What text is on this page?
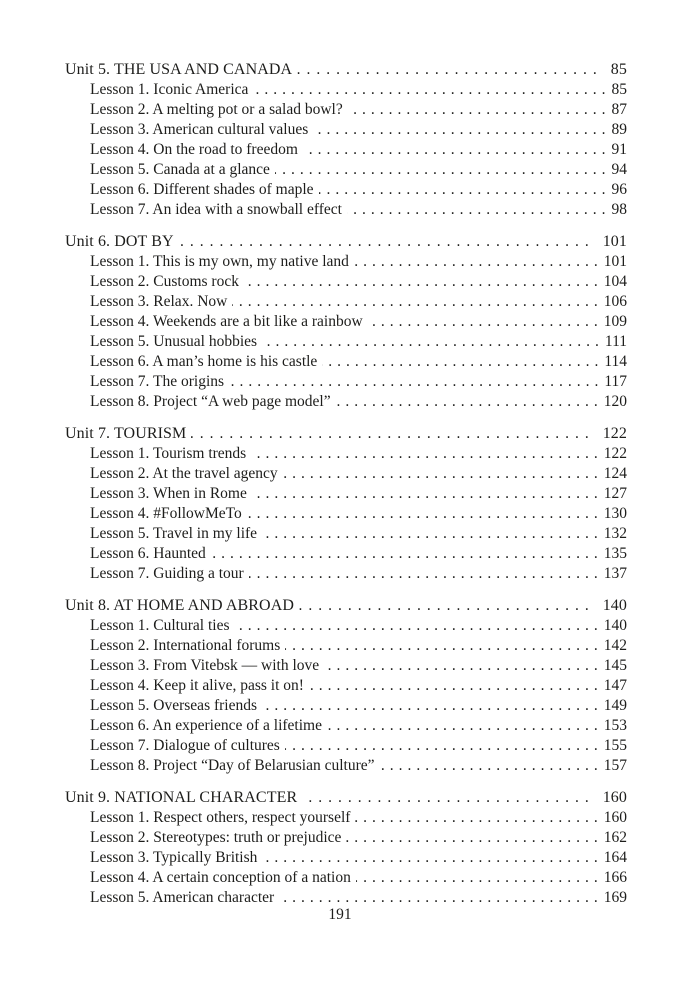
Unit 5. THE USA AND CANADA .....	85
Lesson 1. Iconic America .....	85
Lesson 2. A melting pot or a salad bowl? .....	87
Lesson 3. American cultural values .....	89
Lesson 4. On the road to freedom .....	91
Lesson 5. Canada at a glance .....	94
Lesson 6. Different shades of maple .....	96
Lesson 7. An idea with a snowball effect .....	98
Unit 6. DOT BY .....	101
Lesson 1. This is my own, my native land .....	101
Lesson 2. Customs rock .....	104
Lesson 3. Relax. Now .....	106
Lesson 4. Weekends are a bit like a rainbow .....	109
Lesson 5. Unusual hobbies .....	111
Lesson 6. A man’s home is his castle .....	114
Lesson 7. The origins .....	117
Lesson 8. Project “A web page model” .....	120
Unit 7. TOURISM .....	122
Lesson 1. Tourism trends .....	122
Lesson 2. At the travel agency .....	124
Lesson 3. When in Rome .....	127
Lesson 4. #FollowMeTo .....	130
Lesson 5. Travel in my life .....	132
Lesson 6. Haunted .....	135
Lesson 7. Guiding a tour .....	137
Unit 8. AT HOME AND ABROAD .....	140
Lesson 1. Cultural ties .....	140
Lesson 2. International forums .....	142
Lesson 3. From Vitebsk — with love .....	145
Lesson 4. Keep it alive, pass it on! .....	147
Lesson 5. Overseas friends .....	149
Lesson 6. An experience of a lifetime .....	153
Lesson 7. Dialogue of cultures .....	155
Lesson 8. Project “Day of Belarusian culture” .....	157
Unit 9. NATIONAL CHARACTER .....	160
Lesson 1. Respect others, respect yourself .....	160
Lesson 2. Stereotypes: truth or prejudice .....	162
Lesson 3. Typically British .....	164
Lesson 4. A certain conception of a nation .....	166
Lesson 5. American character .....	169
191
